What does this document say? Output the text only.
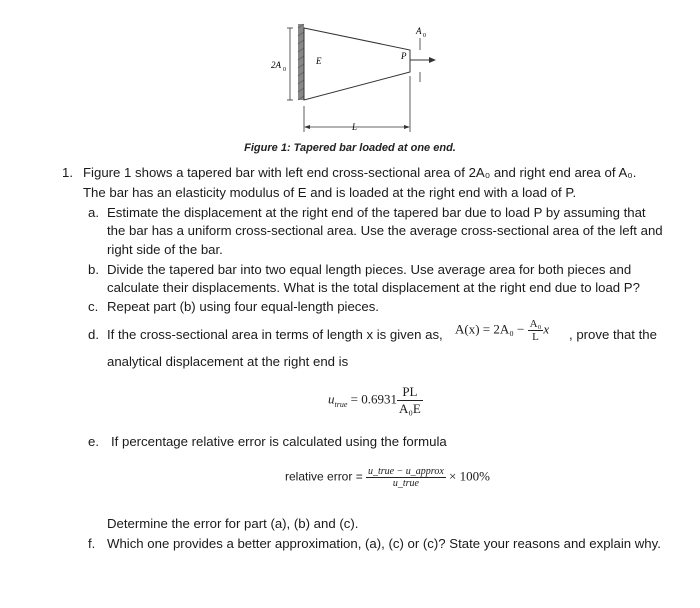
2A 0
E
A 0
P
L
Figure 1: Tapered bar loaded at one end.
1. Figure 1 shows a tapered bar with left end cross-sectional area of 2A₀ and right end area of A₀.
The bar has an elasticity modulus of E and is loaded at the right end with a load of P.
a. Estimate the displacement at the right end of the tapered bar due to load P by assuming that
the bar has a uniform cross-sectional area. Use the average cross-sectional area of the left and
right side of the bar.
b. Divide the tapered bar into two equal length pieces. Use average area for both pieces and
calculate their displacements. What is the total displacement at the right end due to load P?
c. Repeat part (b) using four equal-length pieces.
d. If the cross-sectional area in terms of length x is given as, $A(x) = 2A_0 - \frac{\text{A₀}}{L}$ x , prove that the
analytical displacement at the right end is
$u_{true} = 0.6931 \frac{PL}{\text{A₀E}}$
e. If percentage relative error is calculated using the formula
relative error = $\frac{\text{u\_true − u\_approx}}{\text{u\_true}} \times 100\%$
Determine the error for part (a), (b) and (c).
f. Which one provides a better approximation, (a), (c) or (c)? State your reasons and explain why.
